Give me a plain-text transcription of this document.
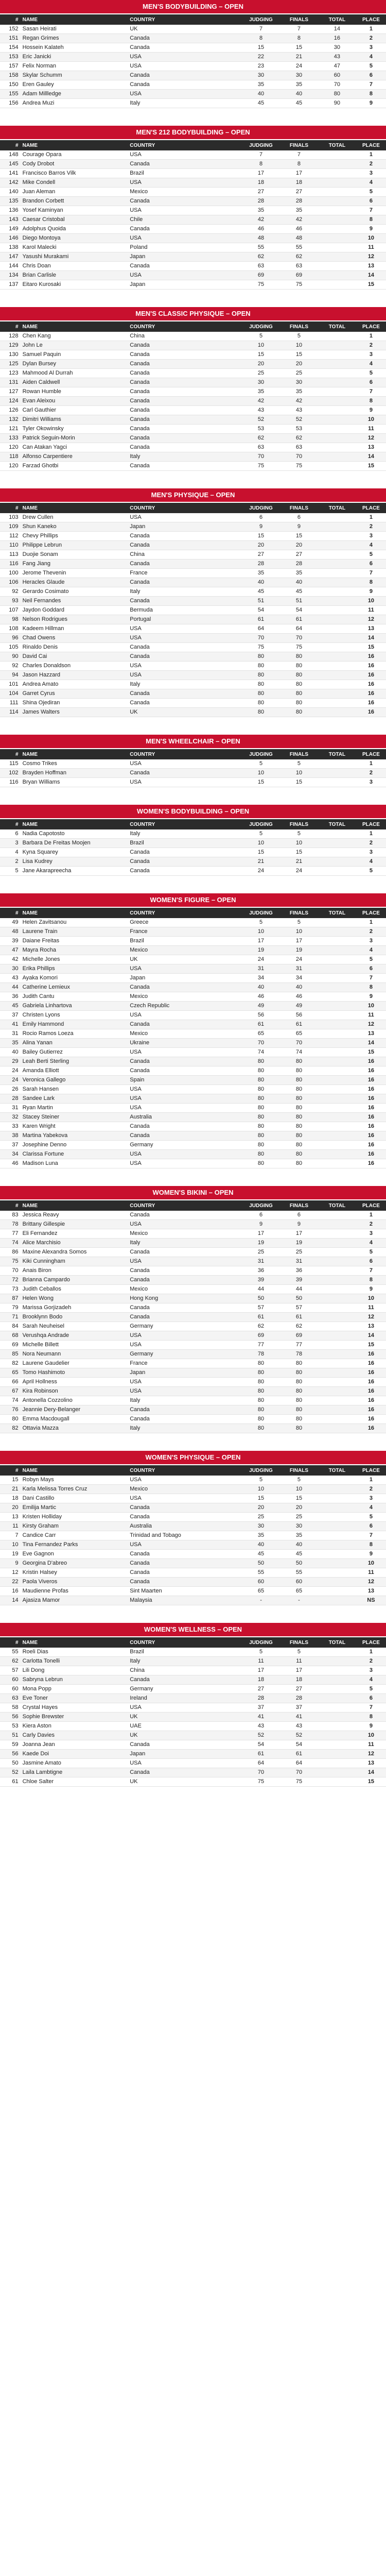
MEN'S BODYBUILDING – OPEN
#	NAME	COUNTRY	JUDGING	FINALS	TOTAL	PLACE
152	Sasan Heirati	UK	7	7	14	1
151	Regan Grimes	Canada	8	8	16	2
154	Hossein Kalateh	Canada	15	15	30	3
153	Eric Janicki	USA	22	21	43	4
157	Felix Norman	USA	23	24	47	5
158	Skylar Schumm	Canada	30	30	60	6
150	Eren Gauley	Canada	35	35	70	7
155	Adam Millledge	USA	40	40	80	8
156	Andrea Muzi	Italy	45	45	90	9
MEN'S 212 BODYBUILDING – OPEN
#	NAME	COUNTRY	JUDGING	FINALS	TOTAL	PLACE
148	Courage Opara	USA	7	7		1
145	Cody Drobot	Canada	8	8		2
141	Francisco Barros Vilk	Brazil	17	17		3
142	Mike Condell	USA	18	18		4
140	Juan Aleman	Mexico	27	27		5
135	Brandon Corbett	Canada	28	28		6
136	Yosef Kaminyan	USA	35	35		7
143	Caesar Cristobal	Chile	42	42		8
149	Adolphus Quoida	Canada	46	46		9
146	Diego Montoya	USA	48	48		10
138	Karol Malecki	Poland	55	55		11
147	Yasushi Murakami	Japan	62	62		12
144	Chris Doan	Canada	63	63		13
134	Brian Carlisle	USA	69	69		14
137	Eitaro Kurosaki	Japan	75	75		15
MEN'S CLASSIC PHYSIQUE – OPEN
#	NAME	COUNTRY	JUDGING	FINALS	TOTAL	PLACE
128	Chen Kang	China	5	5		1
129	John Le	Canada	10	10		2
130	Samuel Paquin	Canada	15	15		3
125	Dylan Bursey	Canada	20	20		4
123	Mahmood Al Durrah	Canada	25	25		5
131	Aiden Caldwell	Canada	30	30		6
127	Rowan Humble	Canada	35	35		7
124	Evan Aleixou	Canada	42	42		8
126	Carl Gauthier	Canada	43	43		9
132	Dimitri Williams	Canada	52	52		10
121	Tyler Okowinsky	Canada	53	53		11
133	Patrick Seguin-Morin	Canada	62	62		12
120	Can Atakan Yagci	Canada	63	63		13
118	Alfonso Carpentiere	Italy	70	70		14
120	Farzad Ghotbi	Canada	75	75		15
MEN'S PHYSIQUE – OPEN
#	NAME	COUNTRY	JUDGING	FINALS	TOTAL	PLACE
103	Drew Cullen	USA	6	6		1
109	Shun Kaneko	Japan	9	9		2
112	Chevy Phillips	Canada	15	15		3
110	Philippe Lebrun	Canada	20	20		4
113	Duojie Sonam	China	27	27		5
116	Fang Jiang	Canada	28	28		6
100	Jerome Thevenin	France	35	35		7
106	Heracles Glaude	Canada	40	40		8
92	Gerardo Cosimato	Italy	45	45		9
93	Neil Fernandes	Canada	51	51		10
107	Jaydon Goddard	Bermuda	54	54		11
98	Nelson Rodrigues	Portugal	61	61		12
108	Kadeem Hillman	USA	64	64		13
96	Chad Owens	USA	70	70		14
105	Rinaldo Denis	Canada	75	75		15
90	David Cai	Canada	80	80		16
92	Charles Donaldson	USA	80	80		16
94	Jason Hazzard	USA	80	80		16
101	Andrea Amato	Italy	80	80		16
104	Garret Cyrus	Canada	80	80		16
111	Shina Ojediran	Canada	80	80		16
114	James Walters	UK	80	80		16
MEN'S WHEELCHAIR – OPEN
#	NAME	COUNTRY	JUDGING	FINALS	TOTAL	PLACE
115	Cosmo Trikes	USA	5	5		1
102	Brayden Hoffman	Canada	10	10		2
116	Bryan Williams	USA	15	15		3
WOMEN'S BODYBUILDING – OPEN
#	NAME	COUNTRY	JUDGING	FINALS	TOTAL	PLACE
6	Nadia Capotosto	Italy	5	5		1
3	Barbara De Freitas Moojen	Brazil	10	10		2
4	Kyna Squarey	Canada	15	15		3
2	Lisa Kudrey	Canada	21	21		4
5	Jane Akarapreecha	Canada	24	24		5
WOMEN'S FIGURE – OPEN
#	NAME	COUNTRY	JUDGING	FINALS	TOTAL	PLACE
49	Helen Zavitsanou	Greece	5	5		1
48	Laurene Train	France	10	10		2
39	Daiane Freitas	Brazil	17	17		3
47	Mayra Rocha	Mexico	19	19		4
42	Michelle Jones	UK	24	24		5
30	Erika Phillips	USA	31	31		6
43	Ayaka Komori	Japan	34	34		7
44	Catherine Lemieux	Canada	40	40		8
36	Judith Cantu	Mexico	46	46		9
45	Gabriela Linhartova	Czech Republic	49	49		10
37	Christen Lyons	USA	56	56		11
41	Emily Hammond	Canada	61	61		12
31	Rocio Ramos Loeza	Mexico	65	65		13
35	Alina Yanan	Ukraine	70	70		14
40	Bailey Gutierrez	USA	74	74		15
29	Leah Berti Sterling	Canada	80	80		16
24	Amanda Elliott	Canada	80	80		16
24	Veronica Gallego	Spain	80	80		16
26	Sarah Hansen	USA	80	80		16
28	Sandee Lark	USA	80	80		16
31	Ryan Martin	USA	80	80		16
32	Stacey Steiner	Australia	80	80		16
33	Karen Wright	Canada	80	80		16
38	Martina Yabekova	Canada	80	80		16
37	Josephine Denno	Germany	80	80		16
34	Clarissa Fortune	USA	80	80		16
46	Madison Luna	USA	80	80		16
WOMEN'S BIKINI – OPEN
#	NAME	COUNTRY	JUDGING	FINALS	TOTAL	PLACE
83	Jessica Reavy	Canada	6	6		1
78	Brittany Gillespie	USA	9	9		2
77	Eli Fernandez	Mexico	17	17		3
74	Alice Marchisio	Italy	19	19		4
86	Maxine Alexandra Somos	Canada	25	25		5
75	Kiki Cunningham	USA	31	31		6
70	Anais Biron	Canada	36	36		7
72	Brianna Campardo	Canada	39	39		8
73	Judith Ceballos	Mexico	44	44		9
87	Helen Wong	Hong Kong	50	50		10
79	Marissa Gorjizadeh	Canada	57	57		11
71	Brooklynn Bodo	Canada	61	61		12
84	Sarah Neuheisel	Germany	62	62		13
68	Verushqa Andrade	USA	69	69		14
69	Michelle Billett	USA	77	77		15
85	Nora Neumann	Germany	78	78		16
82	Laurene Gaudelier	France	80	80		16
65	Tomo Hashimoto	Japan	80	80		16
66	April Hollness	USA	80	80		16
67	Kira Robinson	USA	80	80		16
74	Antonella Cozzolino	Italy	80	80		16
76	Jeannie Dery-Belanger	Canada	80	80		16
80	Emma Macdougall	Canada	80	80		16
82	Ottavia Mazza	Italy	80	80		16
WOMEN'S PHYSIQUE – OPEN
#	NAME	COUNTRY	JUDGING	FINALS	TOTAL	PLACE
15	Robyn Mays	USA	5	5		1
21	Karla Melissa Torres Cruz	Mexico	10	10		2
18	Dani Castillo	USA	15	15		3
20	Emilija Martic	Canada	20	20		4
13	Kristen Holliday	Canada	25	25		5
11	Kirsty Graham	Australia	30	30		6
7	Candice Carr	Trinidad and Tobago	35	35		7
10	Tina Fernandez Parks	USA	40	40		8
19	Eve Gagnon	Canada	45	45		9
9	Georgina D'abreo	Canada	50	50		10
12	Kristin Halsey	Canada	55	55		11
22	Paola Viveros	Canada	60	60		12
16	Maudienne Profas	Sint Maarten	65	65		13
14	Ajasiza Mamor	Malaysia	-	-		NS
WOMEN'S WELLNESS – OPEN
#	NAME	COUNTRY	JUDGING	FINALS	TOTAL	PLACE
55	Roeli Dias	Brazil	5	5		1
62	Carlotta Tonelli	Italy	11	11		2
57	Lili Dong	China	17	17		3
60	Sabryna Lebrun	Canada	18	18		4
60	Mona Popp	Germany	27	27		5
63	Eve Toner	Ireland	28	28		6
58	Crystal Hayes	USA	37	37		7
56	Sophie Brewster	UK	41	41		8
53	Kiera Aston	UAE	43	43		9
51	Carly Davies	UK	52	52		10
59	Joanna Jean	Canada	54	54		11
56	Kaede Doi	Japan	61	61		12
50	Jasmine Amato	USA	64	64		13
52	Laila Lambtigne	Canada	70	70		14
61	Chloe Salter	UK	75	75		15
